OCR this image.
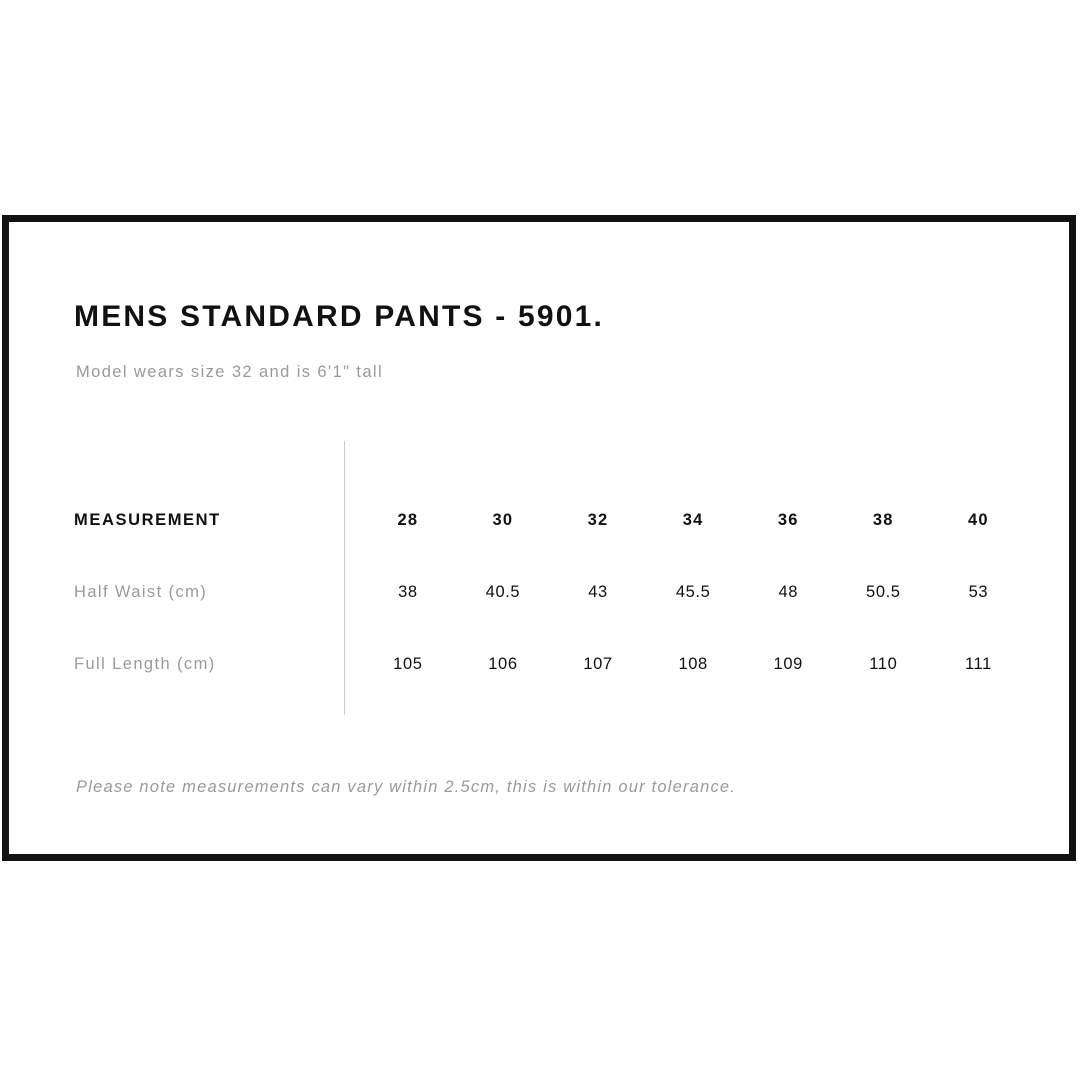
MENS STANDARD PANTS - 5901.
Model wears size 32 and is 6'1" tall
MEASUREMENT	28	30	32	34	36	38	40
Half Waist (cm)	38	40.5	43	45.5	48	50.5	53
Full Length (cm)	105	106	107	108	109	110	111
Please note measurements can vary within 2.5cm, this is within our tolerance.
